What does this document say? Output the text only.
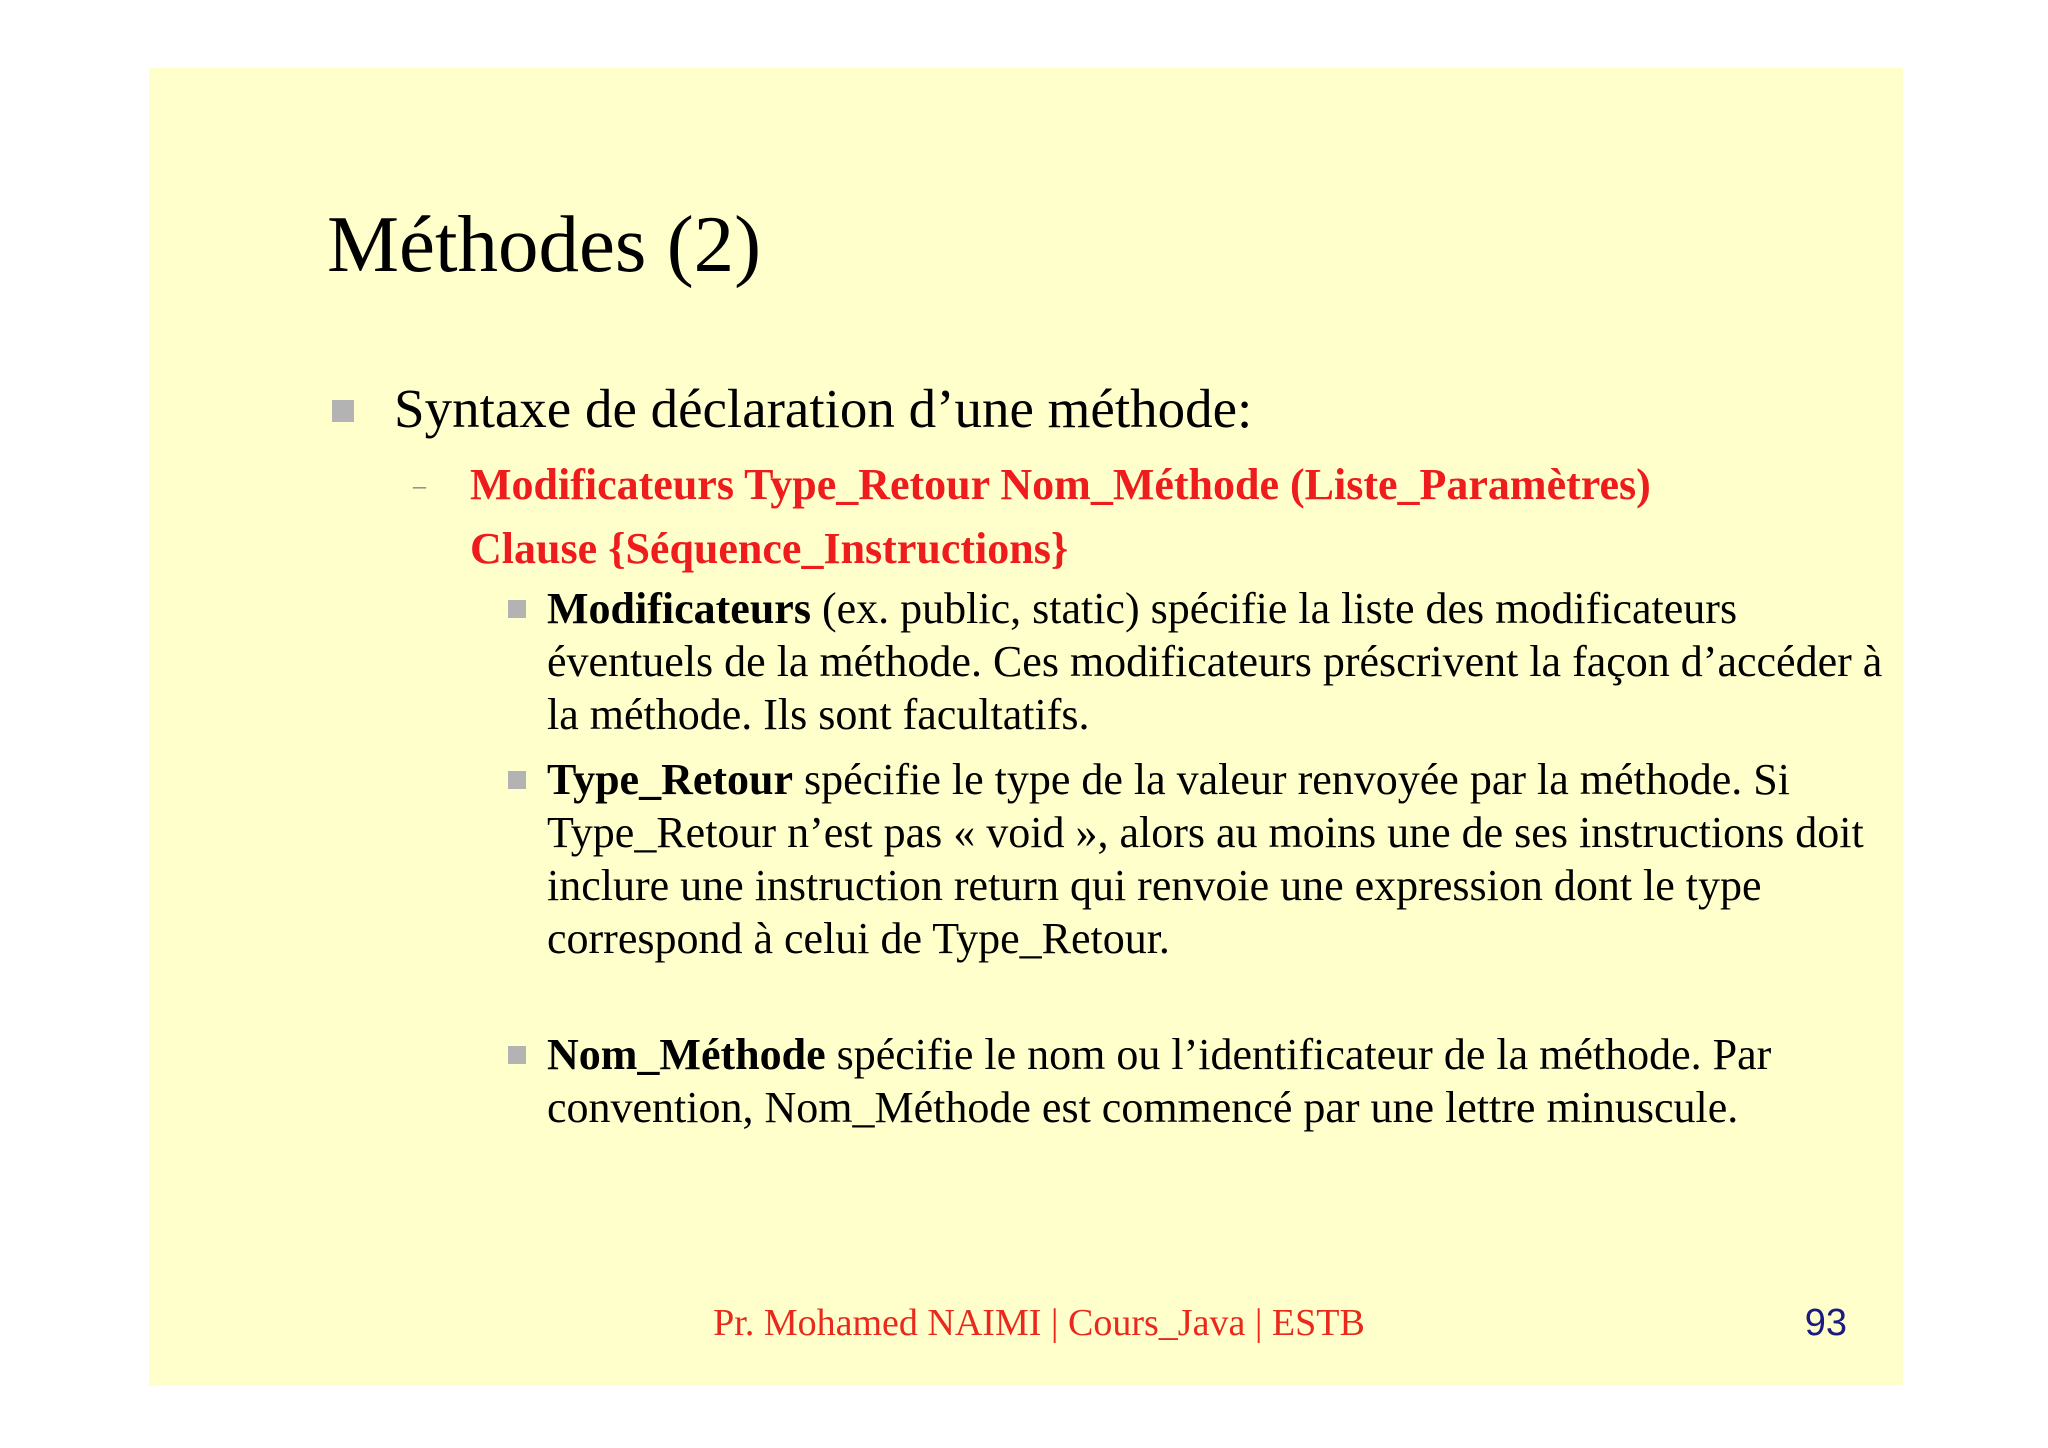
Méthodes (2)
Syntaxe de déclaration d’une méthode:
– Modificateurs Type_Retour Nom_Méthode (Liste_Paramètres)
Clause {Séquence_Instructions}
Modificateurs (ex. public, static) spécifie la liste des modificateurs éventuels de la méthode. Ces modificateurs préscrivent la façon d’accéder à la méthode. Ils sont facultatifs.
Type_Retour spécifie le type de la valeur renvoyée par la méthode. Si Type_Retour n’est pas « void », alors au moins une de ses instructions doit inclure une instruction return qui renvoie une expression dont le type correspond à celui de Type_Retour.
Nom_Méthode spécifie le nom ou l’identificateur de la méthode. Par convention, Nom_Méthode est commencé par une lettre minuscule.
Pr. Mohamed NAIMI | Cours_Java | ESTB	93
